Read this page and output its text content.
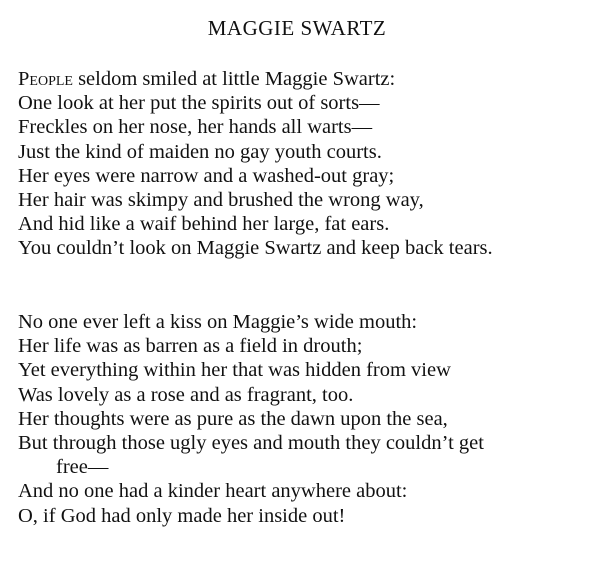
MAGGIE SWARTZ
People seldom smiled at little Maggie Swartz:
One look at her put the spirits out of sorts—
Freckles on her nose, her hands all warts—
Just the kind of maiden no gay youth courts.
Her eyes were narrow and a washed-out gray;
Her hair was skimpy and brushed the wrong way,
And hid like a waif behind her large, fat ears.
You couldn’t look on Maggie Swartz and keep back tears.
No one ever left a kiss on Maggie’s wide mouth:
Her life was as barren as a field in drouth;
Yet everything within her that was hidden from view
Was lovely as a rose and as fragrant, too.
Her thoughts were as pure as the dawn upon the sea,
But through those ugly eyes and mouth they couldn’t get
free—
And no one had a kinder heart anywhere about:
O, if God had only made her inside out!
